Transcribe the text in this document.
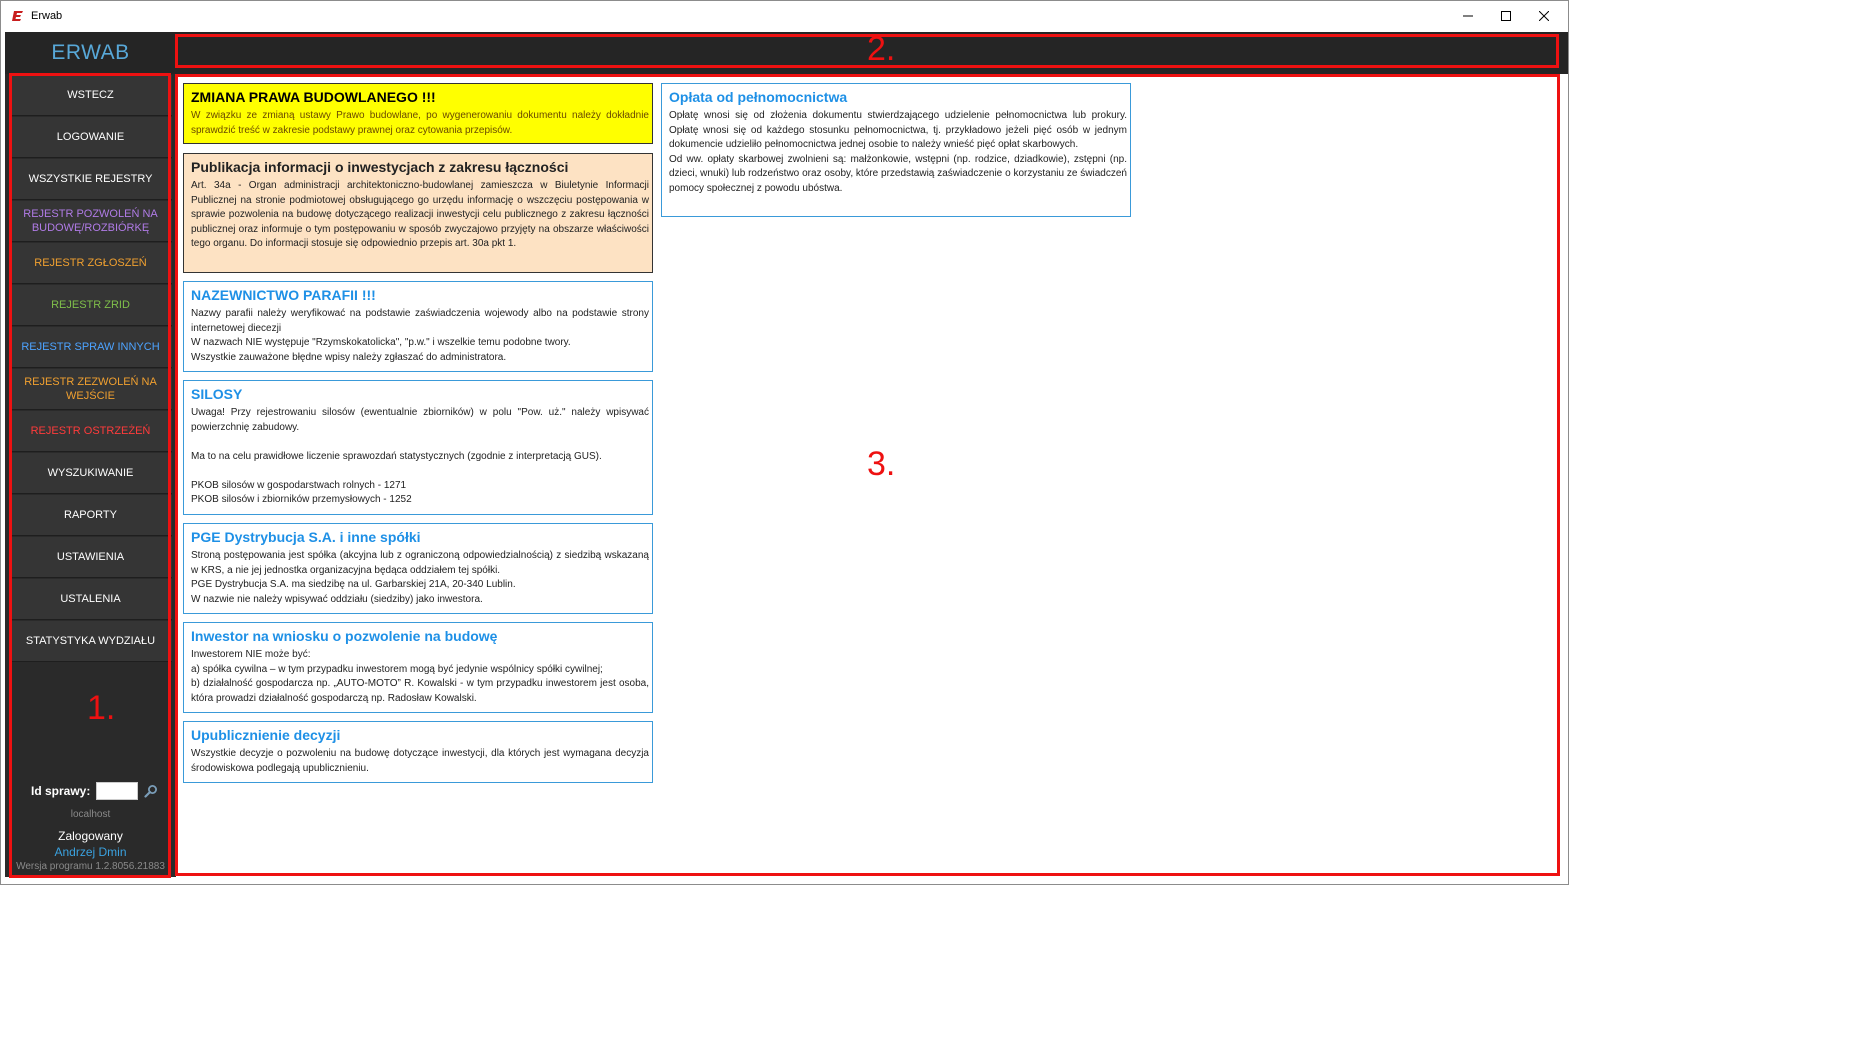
Erwab
ERWAB
WSTECZ
LOGOWANIE
WSZYSTKIE REJESTRY
REJESTR POZWOLEŃ NA BUDOWĘ/ROZBIÓRKĘ
REJESTR ZGŁOSZEŃ
REJESTR ZRID
REJESTR SPRAW INNYCH
REJESTR ZEZWOLEŃ NA WEJŚCIE
REJESTR OSTRZEŻEŃ
WYSZUKIWANIE
RAPORTY
USTAWIENIA
USTALENIA
STATYSTYKA WYDZIAŁU
Id sprawy:
localhost
Zalogowany
Andrzej Dmin
Wersja programu 1.2.8056.21883
ZMIANA PRAWA BUDOWLANEGO !!!

W związku ze zmianą ustawy Prawo budowlane, po wygenerowaniu dokumentu należy dokładnie sprawdzić treść w zakresie podstawy prawnej oraz cytowania przepisów.

Publikacja informacji o inwestycjach z zakresu łączności

Art. 34a - Organ administracji architektoniczno-budowlanej zamieszcza w Biuletynie Informacji Publicznej na stronie podmiotowej obsługującego go urzędu informację o wszczęciu postępowania w sprawie pozwolenia na budowę dotyczącego realizacji inwestycji celu publicznego z zakresu łączności publicznej oraz informuje o tym postępowaniu w sposób zwyczajowo przyjęty na obszarze właściwości tego organu. Do informacji stosuje się odpowiednio przepis art. 30a pkt 1.

NAZEWNICTWO PARAFII !!!

Nazwy parafii należy weryfikować na podstawie zaświadczenia wojewody albo na podstawie strony internetowej diecezji

W nazwach NIE występuje "Rzymskokatolicka", "p.w." i wszelkie temu podobne twory.

Wszystkie zauważone błędne wpisy należy zgłaszać do administratora.

SILOSY

Uwaga! Przy rejestrowaniu silosów (ewentualnie zbiorników) w polu "Pow. uż." należy wpisywać powierzchnię zabudowy.

Ma to na celu prawidłowe liczenie sprawozdań statystycznych (zgodnie z interpretacją GUS).

PKOB silosów w gospodarstwach rolnych - 1271

PKOB silosów i zbiorników przemysłowych - 1252

PGE Dystrybucja S.A. i inne spółki

Stroną postępowania jest spółka (akcyjna lub z ograniczoną odpowiedzialnością) z siedzibą wskazaną w KRS, a nie jej jednostka organizacyjna będąca oddziałem tej spółki.

PGE Dystrybucja S.A. ma siedzibę na ul. Garbarskiej 21A, 20-340 Lublin.

W nazwie nie należy wpisywać oddziału (siedziby) jako inwestora.

Inwestor na wniosku o pozwolenie na budowę

Inwestorem NIE może być:

a) spółka cywilna – w tym przypadku inwestorem mogą być jedynie wspólnicy spółki cywilnej;

b) działalność gospodarcza np. „AUTO-MOTO” R. Kowalski - w tym przypadku inwestorem jest osoba, która prowadzi działalność gospodarczą np. Radosław Kowalski.

Upublicznienie decyzji

Wszystkie decyzje o pozwoleniu na budowę dotyczące inwestycji, dla których jest wymagana decyzja środowiskowa podlegają upublicznieniu.

Opłata od pełnomocnictwa

Opłatę wnosi się od złożenia dokumentu stwierdzającego udzielenie pełnomocnictwa lub prokury. Opłatę wnosi się od każdego stosunku pełnomocnictwa, tj. przykładowo jeżeli pięć osób w jednym dokumencie udzieliło pełnomocnictwa jednej osobie to należy wnieść pięć opłat skarbowych.

Od ww. opłaty skarbowej zwolnieni są: małżonkowie, wstępni (np. rodzice, dziadkowie), zstępni (np. dzieci, wnuki) lub rodzeństwo oraz osoby, które przedstawią zaświadczenie o korzystaniu ze świadczeń pomocy społecznej z powodu ubóstwa.

1.
2.
3.
